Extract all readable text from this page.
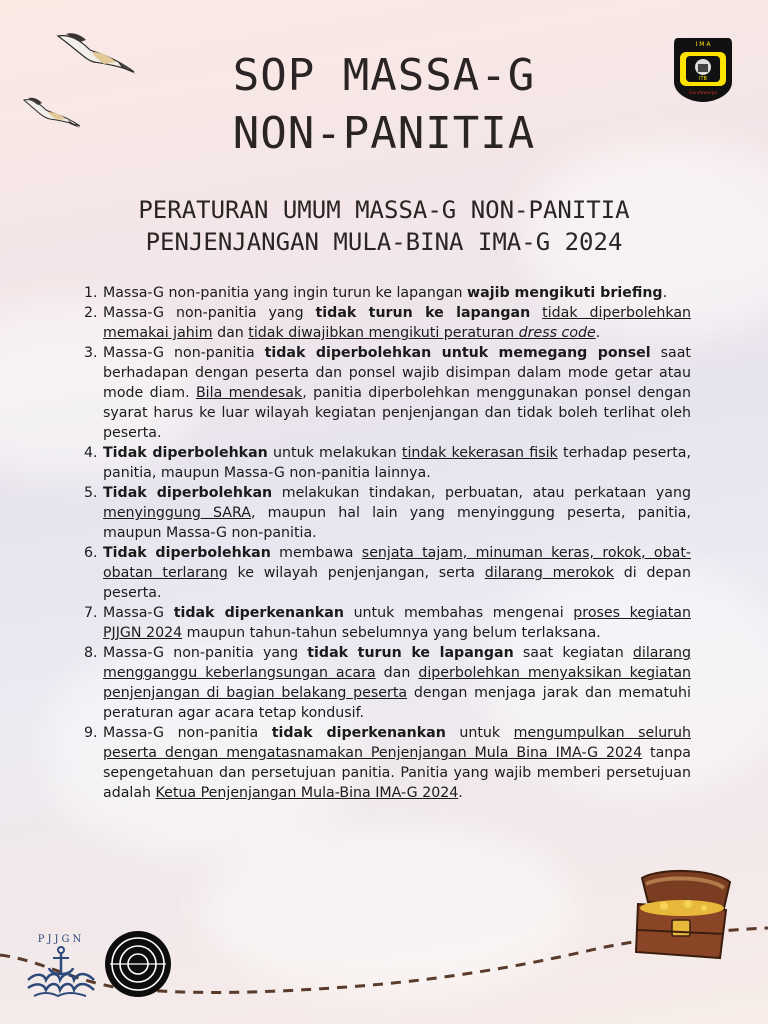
I M A
ITB
Gandawarga
SOP MASSA-G
NON-PANITIA
PERATURAN UMUM MASSA-G NON-PANITIA
PENJENJANGAN MULA-BINA IMA-G 2024
1. Massa-G non-panitia yang ingin turun ke lapangan wajib mengikuti briefing.
2. Massa-G non-panitia yang tidak turun ke lapangan tidak diperbolehkan memakai jahim dan tidak diwajibkan mengikuti peraturan dress code.
3. Massa-G non-panitia tidak diperbolehkan untuk memegang ponsel saat berhadapan dengan peserta dan ponsel wajib disimpan dalam mode getar atau mode diam. Bila mendesak, panitia diperbolehkan menggunakan ponsel dengan syarat harus ke luar wilayah kegiatan penjenjangan dan tidak boleh terlihat oleh peserta.
4. Tidak diperbolehkan untuk melakukan tindak kekerasan fisik terhadap peserta, panitia, maupun Massa-G non-panitia lainnya.
5. Tidak diperbolehkan melakukan tindakan, perbuatan, atau perkataan yang menyinggung SARA, maupun hal lain yang menyinggung peserta, panitia, maupun Massa-G non-panitia.
6. Tidak diperbolehkan membawa senjata tajam, minuman keras, rokok, obat-obatan terlarang ke wilayah penjenjangan, serta dilarang merokok di depan peserta.
7. Massa-G tidak diperkenankan untuk membahas mengenai proses kegiatan PJJGN 2024 maupun tahun-tahun sebelumnya yang belum terlaksana.
8. Massa-G non-panitia yang tidak turun ke lapangan saat kegiatan dilarang mengganggu keberlangsungan acara dan diperbolehkan menyaksikan kegiatan penjenjangan di bagian belakang peserta dengan menjaga jarak dan mematuhi peraturan agar acara tetap kondusif.
9. Massa-G non-panitia tidak diperkenankan untuk mengumpulkan seluruh peserta dengan mengatasnamakan Penjenjangan Mula Bina IMA-G 2024 tanpa sepengetahuan dan persetujuan panitia. Panitia yang wajib memberi persetujuan adalah Ketua Penjenjangan Mula-Bina IMA-G 2024.
PJJGN
